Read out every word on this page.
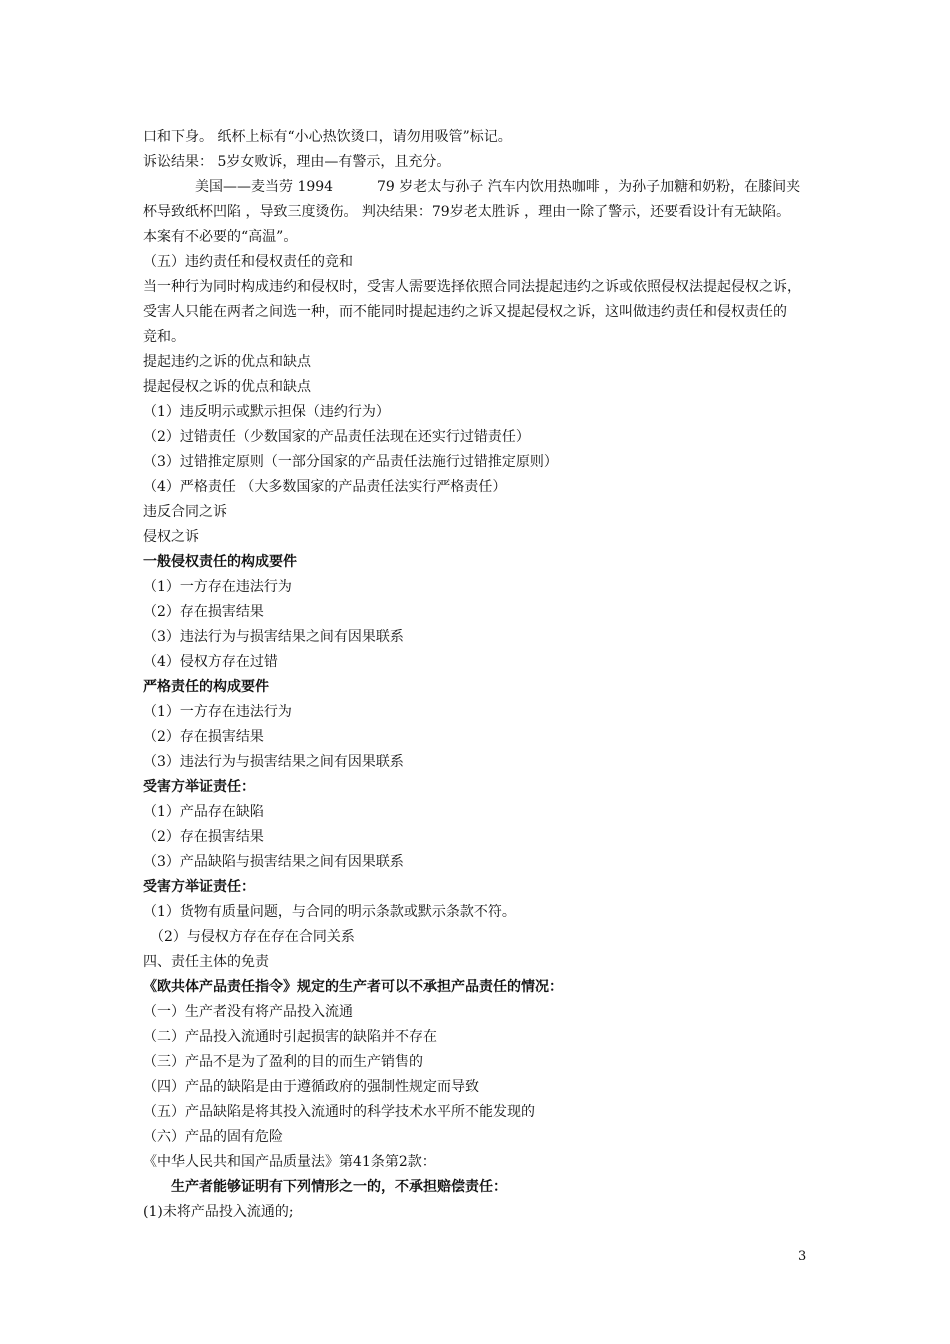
口和下身。 纸杯上标有“小心热饮烫口，请勿用吸管”标记。
诉讼结果： 5岁女败诉，理由—有警示，且充分。
美国——麦当劳 1994	79 岁老太与孙子 汽车内饮用热咖啡 ，为孙子加糖和奶粉，在膝间夹
杯导致纸杯凹陷 ，导致三度烫伤。 判决结果：79岁老太胜诉 ，理由一除了警示，还要看设计有无缺陷。
本案有不必要的“高温”。
（五）违约责任和侵权责任的竞和
当一种行为同时构成违约和侵权时，受害人需要选择依照合同法提起违约之诉或依照侵权法提起侵权之诉，
受害人只能在两者之间选一种，而不能同时提起违约之诉又提起侵权之诉，这叫做违约责任和侵权责任的
竞和。
提起违约之诉的优点和缺点
提起侵权之诉的优点和缺点
（1）违反明示或默示担保（违约行为）
（2）过错责任（少数国家的产品责任法现在还实行过错责任）
（3）过错推定原则（一部分国家的产品责任法施行过错推定原则）
（4）严格责任 （大多数国家的产品责任法实行严格责任）
违反合同之诉
侵权之诉
一般侵权责任的构成要件
（1）一方存在违法行为
（2）存在损害结果
（3）违法行为与损害结果之间有因果联系
（4）侵权方存在过错
严格责任的构成要件
（1）一方存在违法行为
（2）存在损害结果
（3）违法行为与损害结果之间有因果联系
受害方举证责任：
（1）产品存在缺陷
（2）存在损害结果
（3）产品缺陷与损害结果之间有因果联系
受害方举证责任：
（1）货物有质量问题，与合同的明示条款或默示条款不符。
（2）与侵权方存在存在合同关系
四、责任主体的免责
《欧共体产品责任指令》规定的生产者可以不承担产品责任的情况：
（一）生产者没有将产品投入流通
（二）产品投入流通时引起损害的缺陷并不存在
（三）产品不是为了盈利的目的而生产销售的
（四）产品的缺陷是由于遵循政府的强制性规定而导致
（五）产品缺陷是将其投入流通时的科学技术水平所不能发现的
（六）产品的固有危险
《中华人民共和国产品质量法》第41条第2款：
生产者能够证明有下列情形之一的，不承担赔偿责任：
(1)未将产品投入流通的;
3
